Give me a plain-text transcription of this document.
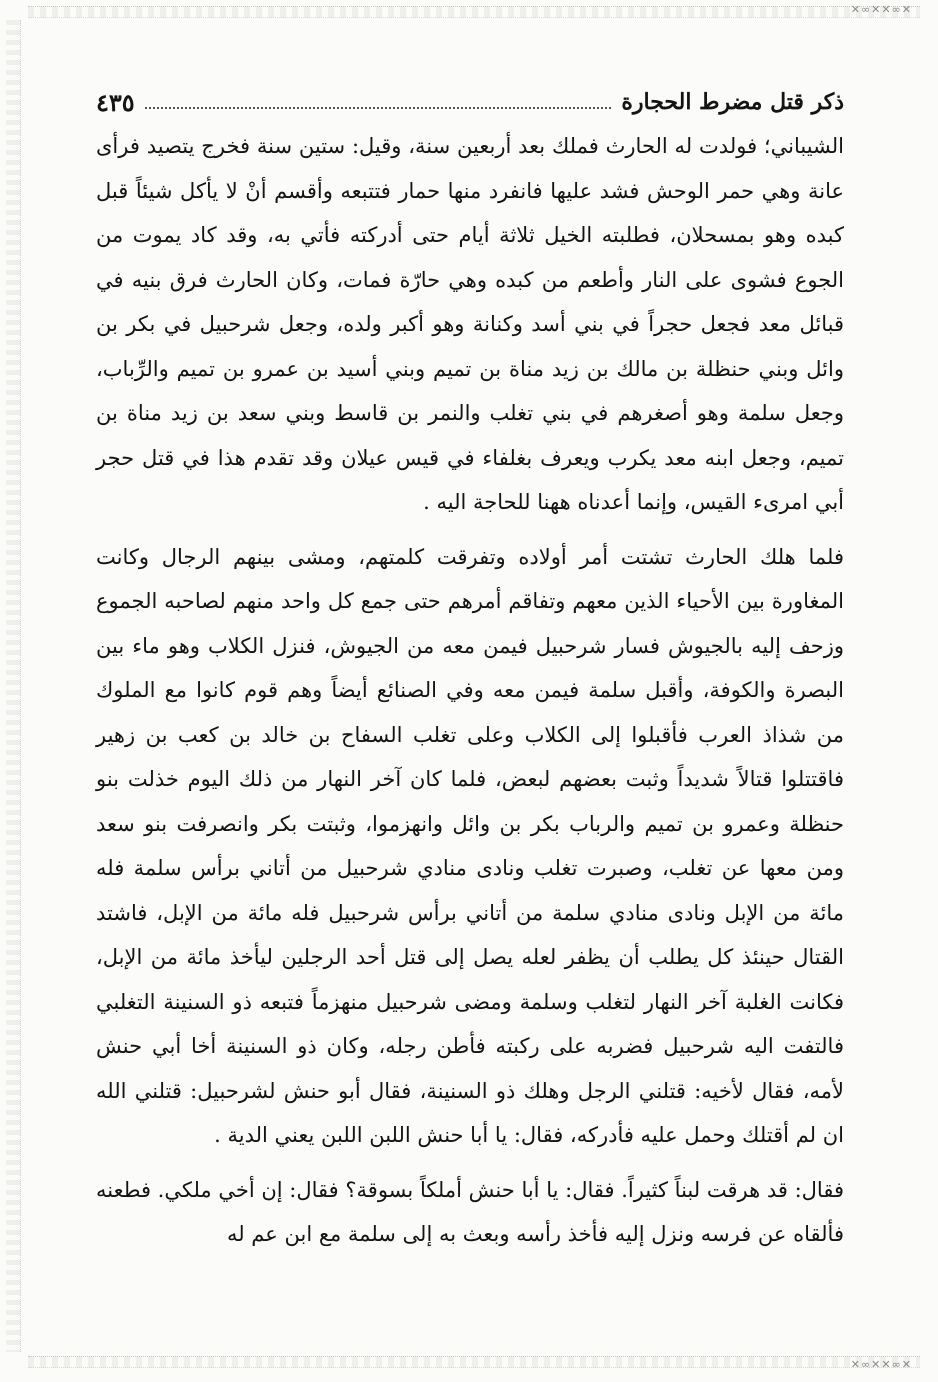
✕∞✕✕∞✕
ذكر قتل مضرط الحجارة
٤٣٥

الشيباني؛ فولدت له الحارث فملك بعد أربعين سنة، وقيل: ستين سنة فخرج يتصيد فرأى عانة وهي حمر الوحش فشد عليها فانفرد منها حمار فتتبعه وأقسم أنْ لا يأكل شيئاً قبل كبده وهو بمسحلان، فطلبته الخيل ثلاثة أيام حتى أدركته فأتي به، وقد كاد يموت من الجوع فشوى على النار وأطعم من كبده وهي حارّة فمات، وكان الحارث فرق بنيه في قبائل معد فجعل حجراً في بني أسد وكنانة وهو أكبر ولده، وجعل شرحبيل في بكر بن وائل وبني حنظلة بن مالك بن زيد مناة بن تميم وبني أسيد بن عمرو بن تميم والرِّباب، وجعل سلمة وهو أصغرهم في بني تغلب والنمر بن قاسط وبني سعد بن زيد مناة بن تميم، وجعل ابنه معد يكرب ويعرف بغلفاء في قيس عيلان وقد تقدم هذا في قتل حجر أبي امرىء القيس، وإنما أعدناه ههنا للحاجة اليه .

فلما هلك الحارث تشتت أمر أولاده وتفرقت كلمتهم، ومشى بينهم الرجال وكانت المغاورة بين الأحياء الذين معهم وتفاقم أمرهم حتى جمع كل واحد منهم لصاحبه الجموع وزحف إليه بالجيوش فسار شرحبيل فيمن معه من الجيوش، فنزل الكلاب وهو ماء بين البصرة والكوفة، وأقبل سلمة فيمن معه وفي الصنائع أيضاً وهم قوم كانوا مع الملوك من شذاذ العرب فأقبلوا إلى الكلاب وعلى تغلب السفاح بن خالد بن كعب بن زهير فاقتتلوا قتالاً شديداً وثبت بعضهم لبعض، فلما كان آخر النهار من ذلك اليوم خذلت بنو حنظلة وعمرو بن تميم والرباب بكر بن وائل وانهزموا، وثبتت بكر وانصرفت بنو سعد ومن معها عن تغلب، وصبرت تغلب ونادى منادي شرحبيل من أتاني برأس سلمة فله مائة من الإبل ونادى منادي سلمة من أتاني برأس شرحبيل فله مائة من الإبل، فاشتد القتال حينئذ كل يطلب أن يظفر لعله يصل إلى قتل أحد الرجلين ليأخذ مائة من الإبل، فكانت الغلبة آخر النهار لتغلب وسلمة ومضى شرحبيل منهزماً فتبعه ذو السنينة التغلبي فالتفت اليه شرحبيل فضربه على ركبته فأطن رجله، وكان ذو السنينة أخا أبي حنش لأمه، فقال لأخيه: قتلني الرجل وهلك ذو السنينة، فقال أبو حنش لشرحبيل: قتلني الله ان لم أقتلك وحمل عليه فأدركه، فقال: يا أبا حنش اللبن اللبن يعني الدية .

فقال: قد هرقت لبناً كثيراً. فقال: يا أبا حنش أملكاً بسوقة؟ فقال: إن أخي ملكي. فطعنه فألقاه عن فرسه ونزل إليه فأخذ رأسه وبعث به إلى سلمة مع ابن عم له

✕∞✕✕∞✕
